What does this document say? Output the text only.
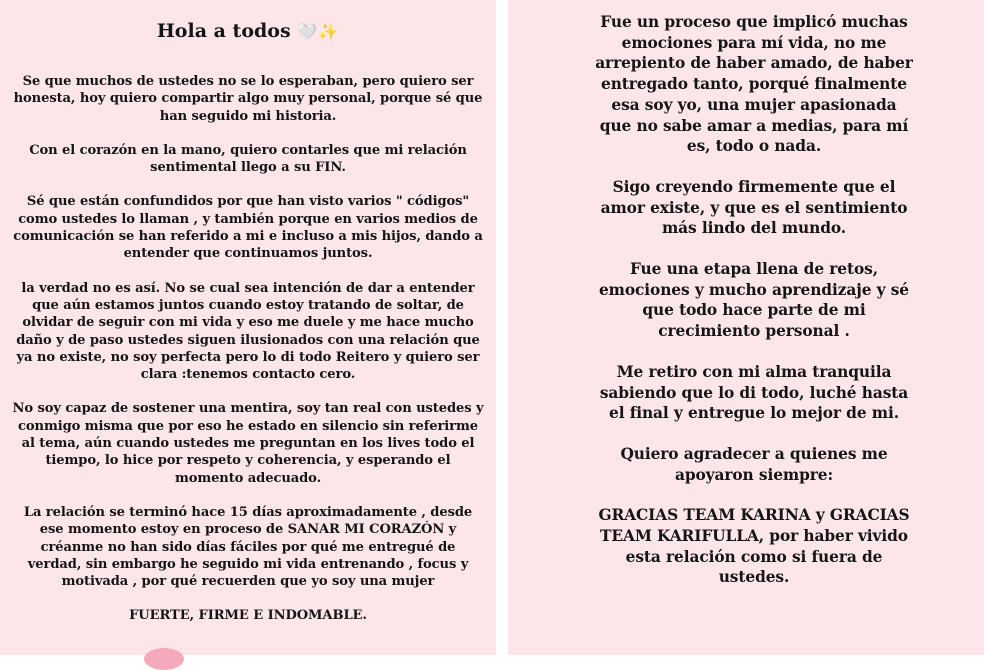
Hola a todos 🤍✨

Se que muchos de ustedes no se lo esperaban, pero quiero ser honesta, hoy quiero compartir algo muy personal, porque sé que han seguido mi historia.

Con el corazón en la mano, quiero contarles que mi relación sentimental llego a su FIN.

Sé que están confundidos por que han visto varios " códigos" como ustedes lo llaman , y también porque en varios medios de comunicación se han referido a mi e incluso a mis hijos, dando a entender que continuamos juntos.

la verdad no es así. No se cual sea intención de dar a entender que aún estamos juntos cuando estoy tratando de soltar, de olvidar de seguir con mi vida y eso me duele y me hace mucho daño y de paso ustedes siguen ilusionados con una relación que ya no existe, no soy perfecta pero lo di todo Reitero y quiero ser clara :tenemos contacto cero.

No soy capaz de sostener una mentira, soy tan real con ustedes y conmigo misma que por eso he estado en silencio sin referirme al tema, aún cuando ustedes me preguntan en los lives todo el tiempo, lo hice por respeto y coherencia, y esperando el momento adecuado.

La relación se terminó hace 15 días aproximadamente , desde ese momento estoy en proceso de SANAR MI CORAZÓN y créanme no han sido días fáciles por qué me entregué de verdad, sin embargo he seguido mi vida entrenando , focus y motivada , por qué recuerden que yo soy una mujer

FUERTE, FIRME E INDOMABLE.

Fue un proceso que implicó muchas emociones para mí vida, no me arrepiento de haber amado, de haber entregado tanto, porqué finalmente esa soy yo, una mujer apasionada que no sabe amar a medias, para mí es, todo o nada.

Sigo creyendo firmemente que el amor existe, y que es el sentimiento más lindo del mundo.

Fue una etapa llena de retos, emociones y mucho aprendizaje y sé que todo hace parte de mi crecimiento personal .

Me retiro con mi alma tranquila sabiendo que lo di todo, luché hasta el final y entregue lo mejor de mi.

Quiero agradecer a quienes me apoyaron siempre:

GRACIAS TEAM KARINA y GRACIAS TEAM KARIFULLA, por haber vivido esta relación como si fuera de ustedes.
